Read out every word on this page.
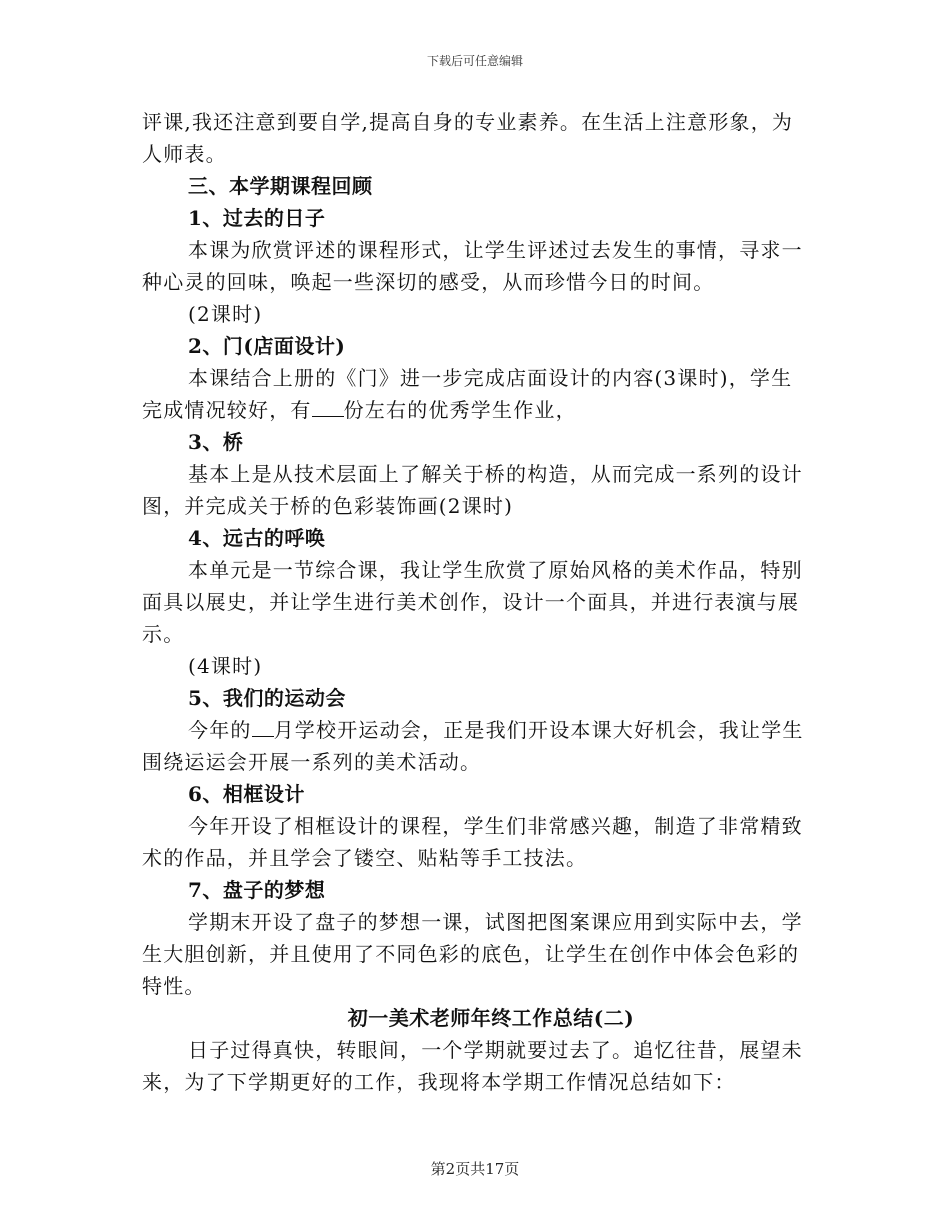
下载后可任意编辑

评课,我还注意到要自学,提高自身的专业素养。在生活上注意形象，为人师表。

三、本学期课程回顾

1、过去的日子

本课为欣赏评述的课程形式，让学生评述过去发生的事情，寻求一种心灵的回味，唤起一些深切的感受，从而珍惜今日的时间。

(2课时)

2、门(店面设计)

本课结合上册的《门》进一步完成店面设计的内容(3课时)，学生完成情况较好，有 份左右的优秀学生作业，

3、桥

基本上是从技术层面上了解关于桥的构造，从而完成一系列的设计图，并完成关于桥的色彩装饰画(2课时)

4、远古的呼唤

本单元是一节综合课，我让学生欣赏了原始风格的美术作品，特别面具以展史，并让学生进行美术创作，设计一个面具，并进行表演与展示。

(4课时)

5、我们的运动会

今年的 月学校开运动会，正是我们开设本课大好机会，我让学生围绕运运会开展一系列的美术活动。

6、相框设计

今年开设了相框设计的课程，学生们非常感兴趣，制造了非常精致术的作品，并且学会了镂空、贴粘等手工技法。

7、盘子的梦想

学期末开设了盘子的梦想一课，试图把图案课应用到实际中去，学生大胆创新，并且使用了不同色彩的底色，让学生在创作中体会色彩的特性。

初一美术老师年终工作总结(二)

日子过得真快，转眼间，一个学期就要过去了。追忆往昔，展望未来，为了下学期更好的工作，我现将本学期工作情况总结如下：

第2页共17页
